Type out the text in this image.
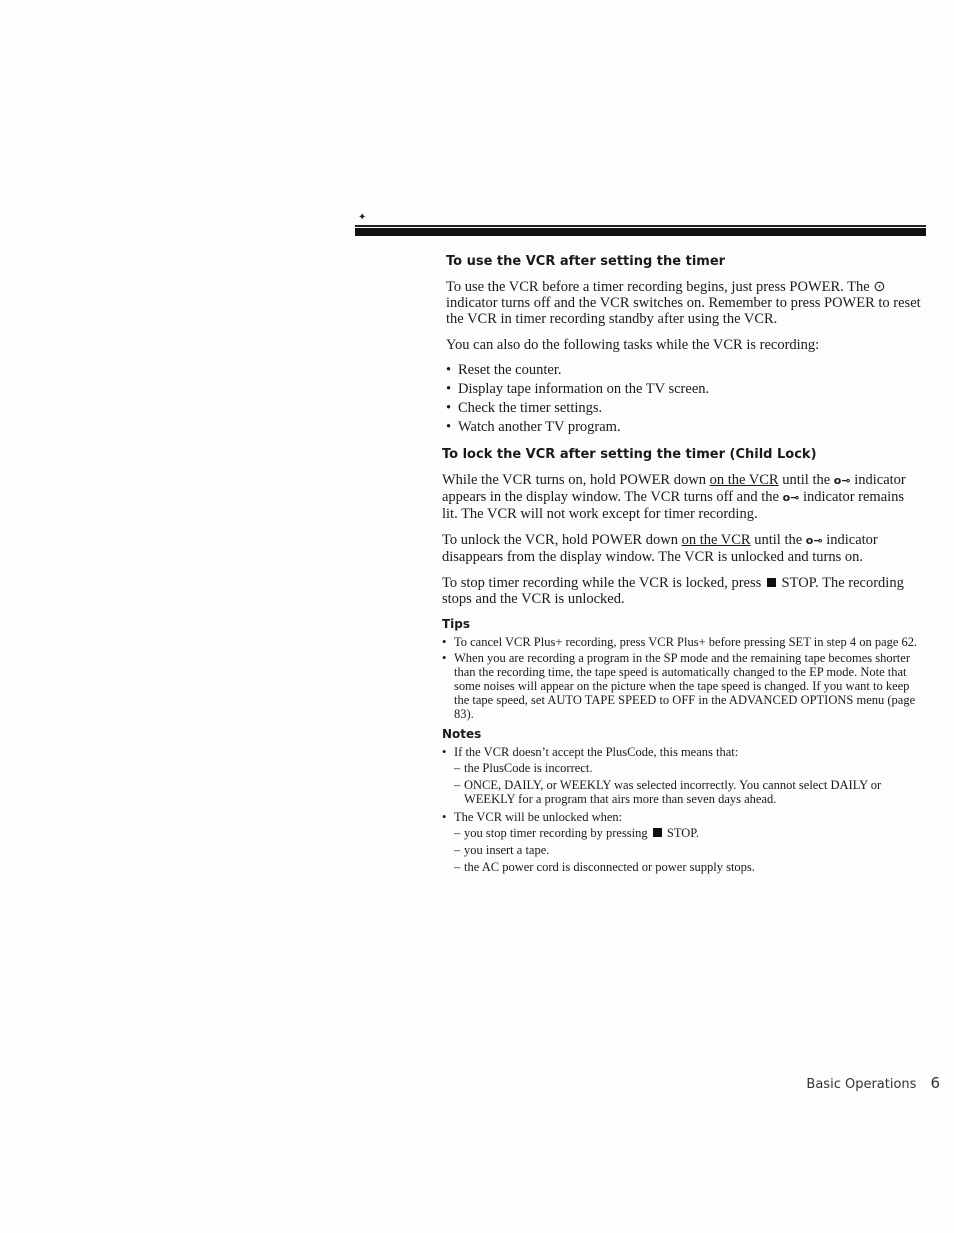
✦
To use the VCR after setting the timer

To use the VCR before a timer recording begins, just press POWER. The ⊙ indicator turns off and the VCR switches on. Remember to press POWER to reset the VCR in timer recording standby after using the VCR.

You can also do the following tasks while the VCR is recording:

• Reset the counter.
• Display tape information on the TV screen.
• Check the timer settings.
• Watch another TV program.
To lock the VCR after setting the timer (Child Lock)

While the VCR turns on, hold POWER down on the VCR until the o⊸ indicator appears in the display window. The VCR turns off and the o⊸ indicator remains lit. The VCR will not work except for timer recording.

To unlock the VCR, hold POWER down on the VCR until the o⊸ indicator disappears from the display window. The VCR is unlocked and turns on.

To stop timer recording while the VCR is locked, press  STOP. The recording stops and the VCR is unlocked.

Tips
• To cancel VCR Plus+ recording, press VCR Plus+ before pressing SET in step 4 on page 62.
• When you are recording a program in the SP mode and the remaining tape becomes shorter than the recording time, the tape speed is automatically changed to the EP mode. Note that some noises will appear on the picture when the tape speed is changed. If you want to keep the tape speed, set AUTO TAPE SPEED to OFF in the ADVANCED OPTIONS menu (page 83).
Notes
• If the VCR doesn’t accept the PlusCode, this means that:
– the PlusCode is incorrect.
– ONCE, DAILY, or WEEKLY was selected incorrectly. You cannot select DAILY or WEEKLY for a program that airs more than seven days ahead.
• The VCR will be unlocked when:
– you stop timer recording by pressing  STOP.
– you insert a tape.
– the AC power cord is disconnected or power supply stops.
Basic Operations 6
